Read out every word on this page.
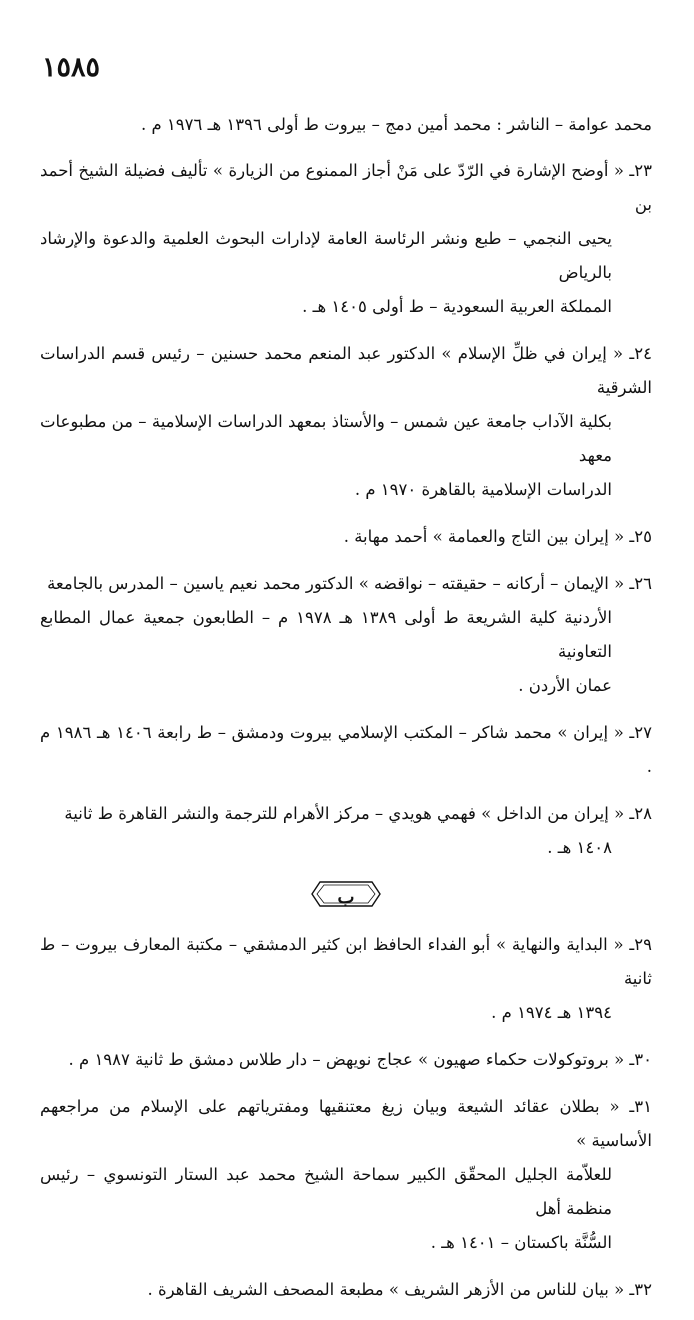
١٥٨٥
محمد عوامة – الناشر : محمد أمين دمج – بيروت ط أولى ١٣٩٦ هـ ١٩٧٦ م .
٢٣ـ « أوضح الإشارة في الرّدّ على مَنْ أجاز الممنوع من الزيارة » تأليف فضيلة الشيخ أحمد بن
يحيى النجمي – طبع ونشر الرئاسة العامة لإدارات البحوث العلمية والدعوة والإرشاد بالرياض
المملكة العربية السعودية – ط أولى ١٤٠٥ هـ .
٢٤ـ « إيران في ظلِّ الإسلام » الدكتور عبد المنعم محمد حسنين – رئيس قسم الدراسات الشرقية
بكلية الآداب جامعة عين شمس – والأستاذ بمعهد الدراسات الإسلامية – من مطبوعات معهد
الدراسات الإسلامية بالقاهرة ١٩٧٠ م .
٢٥ـ « إيران بين التاج والعمامة » أحمد مهابة .
٢٦ـ « الإيمان – أركانه – حقيقته – نواقضه » الدكتور محمد نعيم ياسين – المدرس بالجامعة
الأردنية كلية الشريعة ط أولى ١٣٨٩ هـ ١٩٧٨ م – الطابعون جمعية عمال المطابع التعاونية
عمان الأردن .
٢٧ـ « إيران » محمد شاكر – المكتب الإسلامي بيروت ودمشق – ط رابعة ١٤٠٦ هـ ١٩٨٦ م .
٢٨ـ « إيران من الداخل » فهمي هويدي – مركز الأهرام للترجمة والنشر القاهرة ط ثانية
١٤٠٨ هـ .
ب
٢٩ـ « البداية والنهاية » أبو الفداء الحافظ ابن كثير الدمشقي – مكتبة المعارف بيروت – ط ثانية
١٣٩٤ هـ ١٩٧٤ م .
٣٠ـ « بروتوكولات حكماء صهيون » عجاج نويهض – دار طلاس دمشق ط ثانية ١٩٨٧ م .
٣١ـ « بطلان عقائد الشيعة وبيان زيغ معتنقيها ومفترياتهم على الإسلام من مراجعهم الأساسية »
للعلاّمة الجليل المحقّق الكبير سماحة الشيخ محمد عبد الستار التونسوي – رئيس منظمة أهل
السُّنَّة باكستان – ١٤٠١ هـ .
٣٢ـ « بيان للناس من الأزهر الشريف » مطبعة المصحف الشريف القاهرة .
